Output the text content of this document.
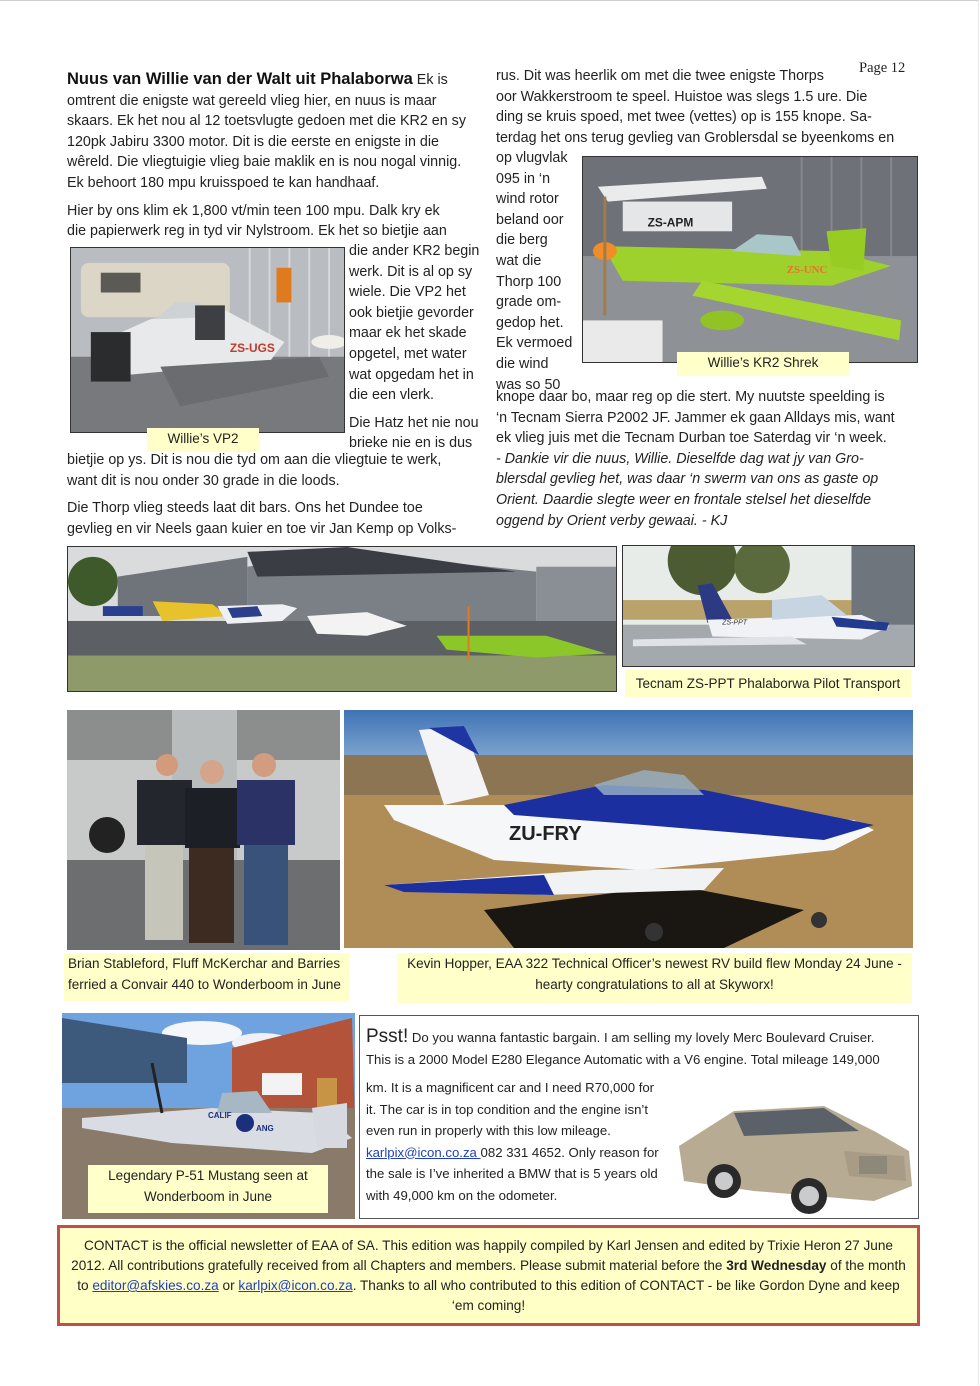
Page 12
Nuus van Willie van der Walt uit Phalaborwa Ek is
omtrent die enigste wat gereeld vlieg hier, en nuus is maar
skaars. Ek het nou al 12 toetsvlugte gedoen met die KR2 en sy
120pk Jabiru 3300 motor. Dit is die eerste en enigste in die
wêreld. Die vliegtuigie vlieg baie maklik en is nou nogal vinnig.
Ek behoort 180 mpu kruisspoed te kan handhaaf.
Hier by ons klim ek 1,800 vt/min teen 100 mpu. Dalk kry ek
die papierwerk reg in tyd vir Nylstroom. Ek het so bietjie aan
die ander KR2 begin
werk. Dit is al op sy
wiele. Die VP2 het
ook bietjie gevorder
maar ek het skade
opgetel, met water
wat opgedam het in
die een vlerk.
Die Hatz het nie nou
brieke nie en is dus
bietjie op ys. Dit is nou die tyd om aan die vliegtuie te werk,
want dit is nou onder 30 grade in die loods.
Die Thorp vlieg steeds laat dit bars. Ons het Dundee toe
gevlieg en vir Neels gaan kuier en toe vir Jan Kemp op Volks-
ZS-UGS
Willie’s VP2
rus. Dit was heerlik om met die twee enigste Thorps
oor Wakkerstroom te speel. Huistoe was slegs 1.5 ure. Die
ding se kruis spoed, met twee (vettes) op is 155 knope. Sa-
terdag het ons terug gevlieg van Groblersdal se byeenkoms en
op vlugvlak
095 in ‘n
wind rotor
beland oor
die berg
wat die
Thorp 100
grade om-
gedop het.
Ek vermoed
die wind
was so 50
knope daar bo, maar reg op die stert. My nuutste speelding is
‘n Tecnam Sierra P2002 JF. Jammer ek gaan Alldays mis, want
ek vlieg juis met die Tecnam Durban toe Saterdag vir ‘n week.
- Dankie vir die nuus, Willie. Dieselfde dag wat jy van Gro-
blersdal gevlieg het, was daar ‘n swerm van ons as gaste op
Orient. Daardie slegte weer en frontale stelsel het dieselfde
oggend by Orient verby gewaai. - KJ
ZS-APM
ZS-UNC
Willie’s KR2 Shrek
ZS-PPT
Tecnam ZS-PPT Phalaborwa Pilot Transport
Brian Stableford, Fluff McKerchar and Barries
ferried a Convair 440 to Wonderboom in June
ZU-FRY
Kevin Hopper, EAA 322 Technical Officer’s newest RV build flew Monday 24 June -
hearty congratulations to all at Skyworx!
CALIF
ANG
Legendary P-51 Mustang seen at
Wonderboom in June
Psst! Do you wanna fantastic bargain. I am selling my lovely Merc Boulevard Cruiser.
This is a 2000 Model E280 Elegance Automatic with a V6 engine. Total mileage 149,000
km. It is a magnificent car and I need R70,000 for
it. The car is in top condition and the engine isn’t
even run in properly with this low mileage.
karlpix@icon.co.za 082 331 4652. Only reason for
the sale is I’ve inherited a BMW that is 5 years old
with 49,000 km on the odometer.
CONTACT is the official newsletter of EAA of SA. This edition was happily compiled by Karl Jensen and edited by Trixie Heron 27 June 2012. All contributions gratefully received from all Chapters and members. Please submit material before the 3rd Wednesday of the month to editor@afskies.co.za or karlpix@icon.co.za. Thanks to all who contributed to this edition of CONTACT - be like Gordon Dyne and keep ‘em coming!
